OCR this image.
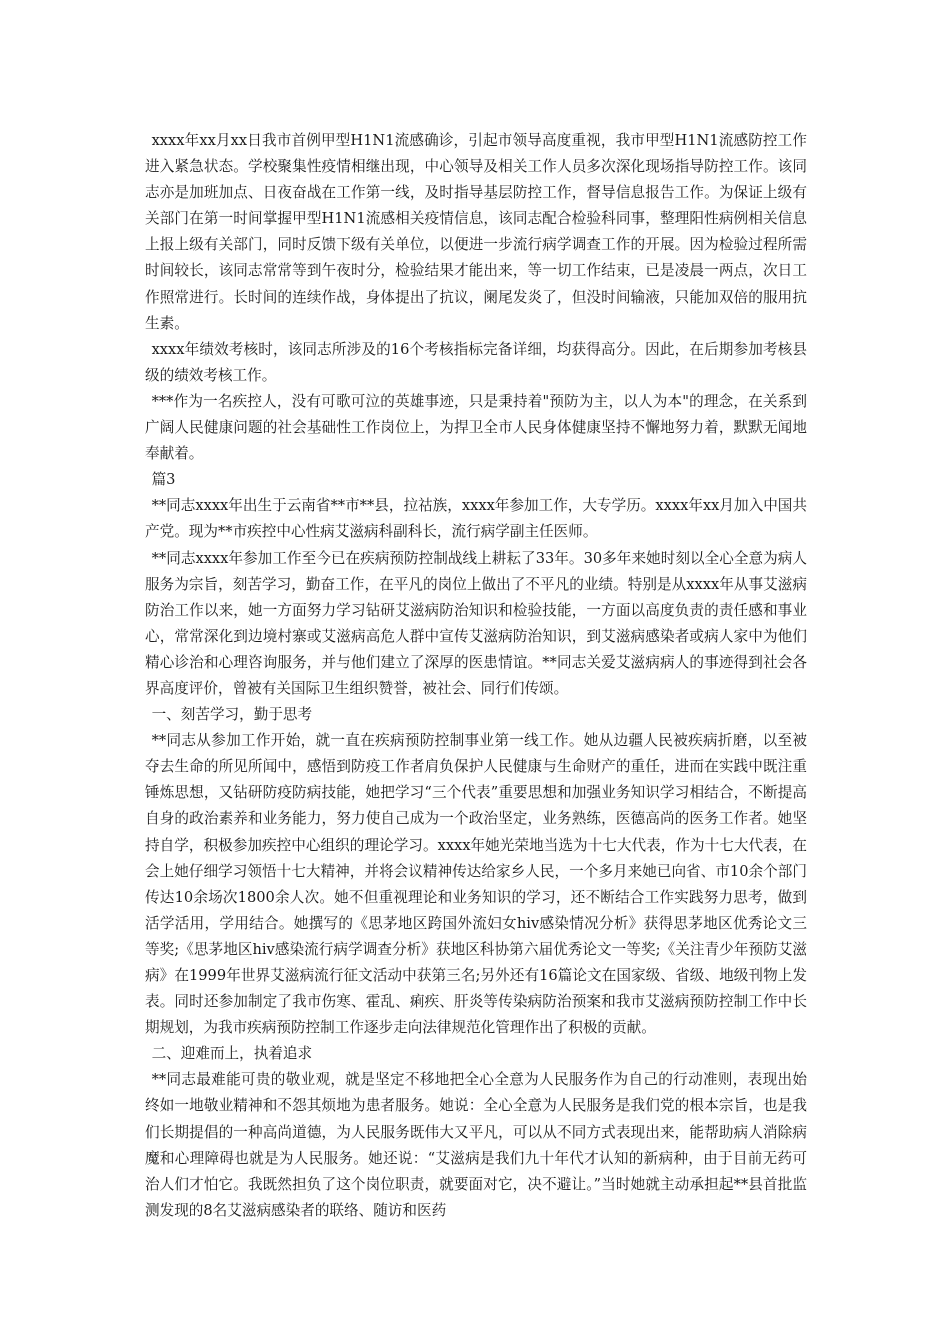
xxxx年xx月xx日我市首例甲型H1N1流感确诊，引起市领导高度重视，我市甲型H1N1流感防控工作进入紧急状态。学校聚集性疫情相继出现，中心领导及相关工作人员多次深化现场指导防控工作。该同志亦是加班加点、日夜奋战在工作第一线，及时指导基层防控工作，督导信息报告工作。为保证上级有关部门在第一时间掌握甲型H1N1流感相关疫情信息，该同志配合检验科同事，整理阳性病例相关信息上报上级有关部门，同时反馈下级有关单位，以便进一步流行病学调查工作的开展。因为检验过程所需时间较长，该同志常常等到午夜时分，检验结果才能出来，等一切工作结束，已是凌晨一两点，次日工作照常进行。长时间的连续作战，身体提出了抗议，阑尾发炎了，但没时间输液，只能加双倍的服用抗生素。

xxxx年绩效考核时，该同志所涉及的16个考核指标完备详细，均获得高分。因此，在后期参加考核县级的绩效考核工作。

***作为一名疾控人，没有可歌可泣的英雄事迹，只是秉持着"预防为主，以人为本"的理念，在关系到广阔人民健康问题的社会基础性工作岗位上，为捍卫全市人民身体健康坚持不懈地努力着，默默无闻地奉献着。

篇3

**同志xxxx年出生于云南省**市**县，拉祜族，xxxx年参加工作，大专学历。xxxx年xx月加入中国共产党。现为**市疾控中心性病艾滋病科副科长，流行病学副主任医师。

**同志xxxx年参加工作至今已在疾病预防控制战线上耕耘了33年。30多年来她时刻以全心全意为病人服务为宗旨，刻苦学习，勤奋工作，在平凡的岗位上做出了不平凡的业绩。特别是从xxxx年从事艾滋病防治工作以来，她一方面努力学习钻研艾滋病防治知识和检验技能，一方面以高度负责的责任感和事业心，常常深化到边境村寨或艾滋病高危人群中宣传艾滋病防治知识，到艾滋病感染者或病人家中为他们精心诊治和心理咨询服务，并与他们建立了深厚的医患情谊。**同志关爱艾滋病病人的事迹得到社会各界高度评价，曾被有关国际卫生组织赞誉，被社会、同行们传颂。

一、刻苦学习，勤于思考

**同志从参加工作开始，就一直在疾病预防控制事业第一线工作。她从边疆人民被疾病折磨，以至被夺去生命的所见所闻中，感悟到防疫工作者肩负保护人民健康与生命财产的重任，进而在实践中既注重锤炼思想，又钻研防疫防病技能，她把学习“三个代表”重要思想和加强业务知识学习相结合，不断提高自身的政治素养和业务能力，努力使自己成为一个政治坚定，业务熟练，医德高尚的医务工作者。她坚持自学，积极参加疾控中心组织的理论学习。xxxx年她光荣地当选为十七大代表，作为十七大代表，在会上她仔细学习领悟十七大精神，并将会议精神传达给家乡人民，一个多月来她已向省、市10余个部门传达10余场次1800余人次。她不但重视理论和业务知识的学习，还不断结合工作实践努力思考，做到活学活用，学用结合。她撰写的《思茅地区跨国外流妇女hiv感染情况分析》获得思茅地区优秀论文三等奖;《思茅地区hiv感染流行病学调查分析》获地区科协第六届优秀论文一等奖;《关注青少年预防艾滋病》在1999年世界艾滋病流行征文活动中获第三名;另外还有16篇论文在国家级、省级、地级刊物上发表。同时还参加制定了我市伤寒、霍乱、痢疾、肝炎等传染病防治预案和我市艾滋病预防控制工作中长期规划，为我市疾病预防控制工作逐步走向法律规范化管理作出了积极的贡献。

二、迎难而上，执着追求

**同志最难能可贵的敬业观，就是坚定不移地把全心全意为人民服务作为自己的行动准则，表现出始终如一地敬业精神和不怨其烦地为患者服务。她说：全心全意为人民服务是我们党的根本宗旨，也是我们长期提倡的一种高尚道德，为人民服务既伟大又平凡，可以从不同方式表现出来，能帮助病人消除病魔和心理障碍也就是为人民服务。她还说：“艾滋病是我们九十年代才认知的新病种，由于目前无药可治人们才怕它。我既然担负了这个岗位职责，就要面对它，决不避让。”当时她就主动承担起**县首批监测发现的8名艾滋病感染者的联络、随访和医药
